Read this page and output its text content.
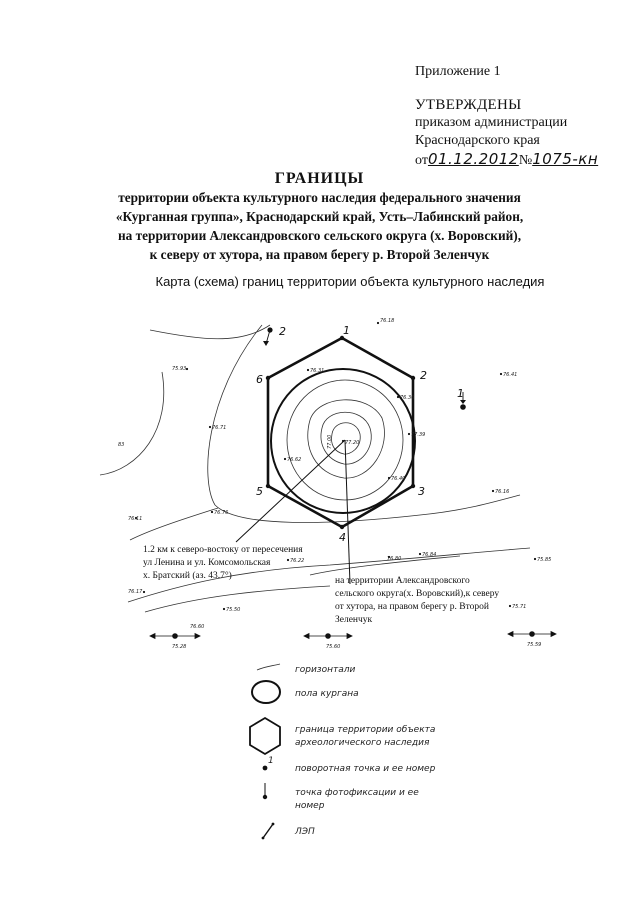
Приложение 1
УТВЕРЖДЕНЫ
приказом администрации
Краснодарского края
от01.12.2012№1075-кн
ГРАНИЦЫ
территории объекта культурного наследия федерального значения
«Курганная группа», Краснодарский край, Усть–Лабинский район,
на территории Александровского сельского округа (х. Воровский),
к северу от хутора, на правом берегу р. Второй Зеленчук
Карта (схема) границ территории объекта культурного наследия
1
2
3
4
5
6
2
1
76.18
76.31
75.93
76.36
76.41
76.71
77.39
77.20
77.00
76.62
76.40
76.16
76.76
76.11
76.22
76.84
76.80	75.85
76.17
75.50	75.71
76.60
75.28	75.60	75.59
83
1.2 км к северо-востоку от пересечения
ул Ленина и ул. Комсомольская
х. Братский (аз. 43.7°)	на территории Александровского
сельского округа(х. Воровский),к северу
от хутора, на правом берегу р. Второй
Зеленчук
горизонтали
пола кургана
граница территории объекта
археологического наследия
1
поворотная точка и ее номер
точка фотофиксации и ее
номер
ЛЭП
